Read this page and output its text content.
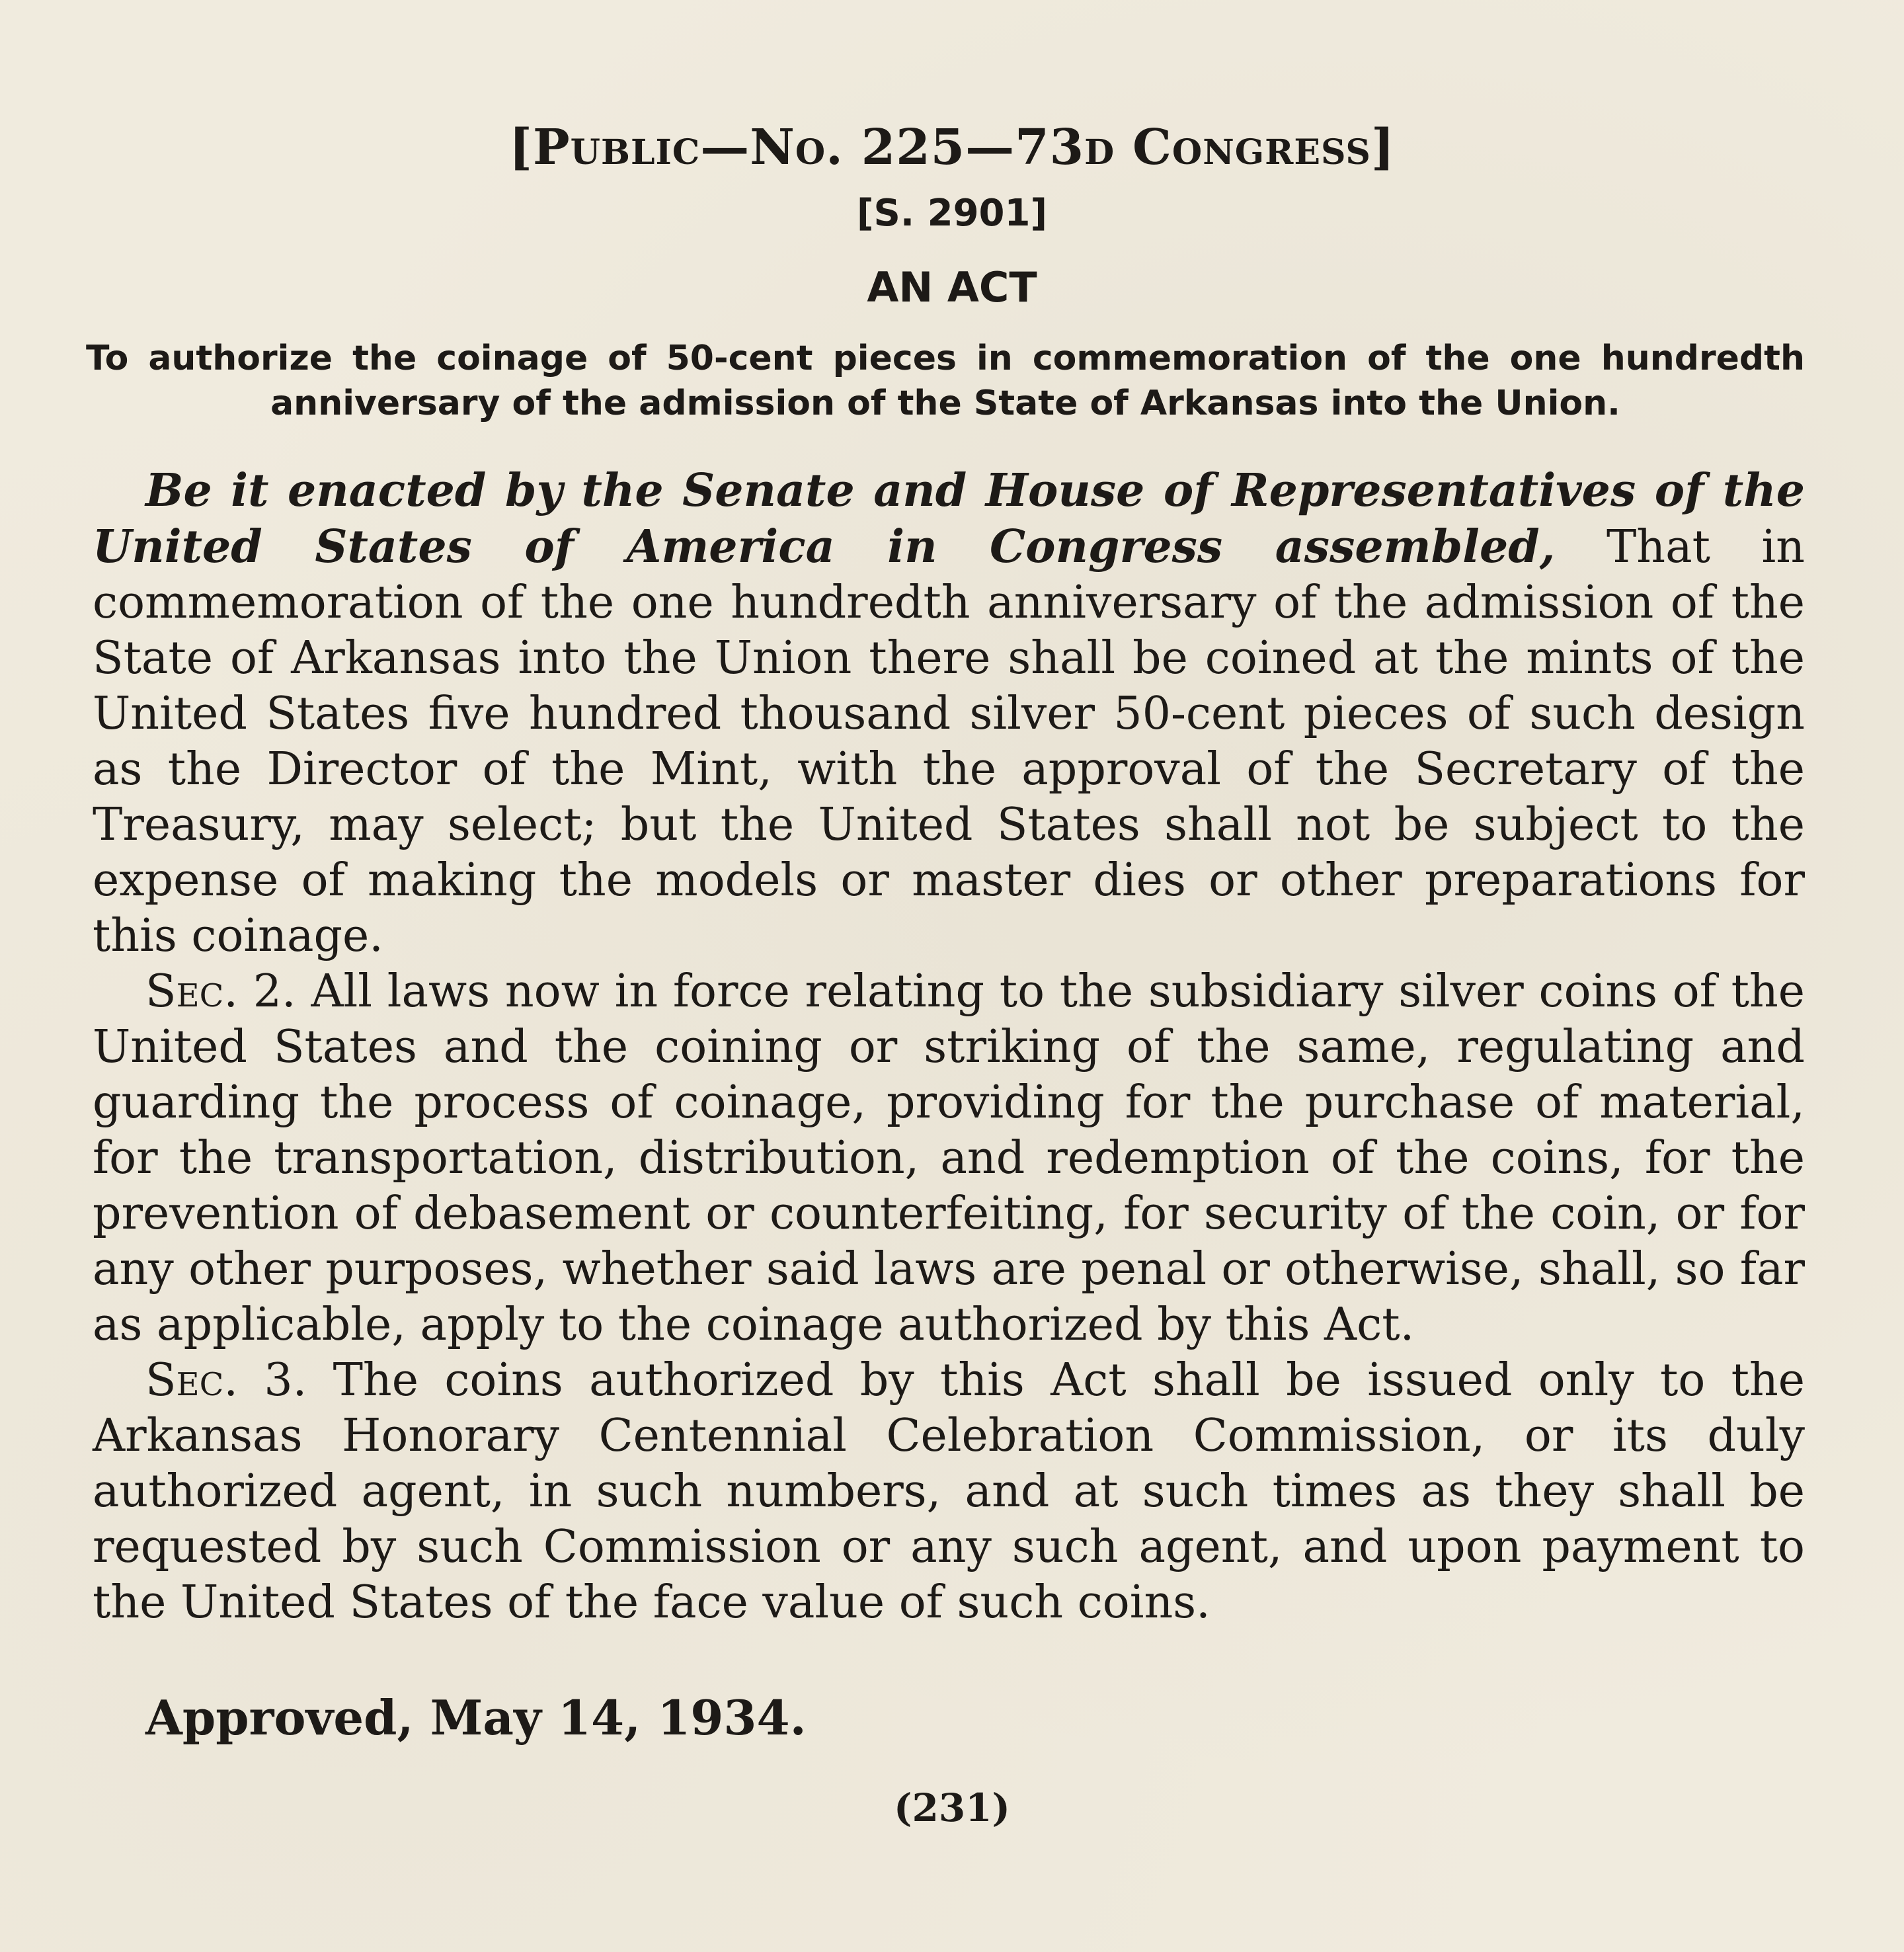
[Public—No. 225—73d Congress]
[S. 2901]
AN ACT
To authorize the coinage of 50-cent pieces in commemoration of the one hundredth anniversary of the admission of the State of Arkansas into the Union.

Be it enacted by the Senate and House of Representatives of the United States of America in Congress assembled, That in commemoration of the one hundredth anniversary of the admission of the State of Arkansas into the Union there shall be coined at the mints of the United States five hundred thousand silver 50-cent pieces of such design as the Director of the Mint, with the approval of the Secretary of the Treasury, may select; but the United States shall not be subject to the expense of making the models or master dies or other preparations for this coinage.

Sec. 2. All laws now in force relating to the subsidiary silver coins of the United States and the coining or striking of the same, regulating and guarding the process of coinage, providing for the purchase of material, for the transportation, distribution, and redemption of the coins, for the prevention of debasement or counterfeiting, for security of the coin, or for any other purposes, whether said laws are penal or otherwise, shall, so far as applicable, apply to the coinage authorized by this Act.

Sec. 3. The coins authorized by this Act shall be issued only to the Arkansas Honorary Centennial Celebration Commission, or its duly authorized agent, in such numbers, and at such times as they shall be requested by such Commission or any such agent, and upon payment to the United States of the face value of such coins.

Approved, May 14, 1934.
(231)
